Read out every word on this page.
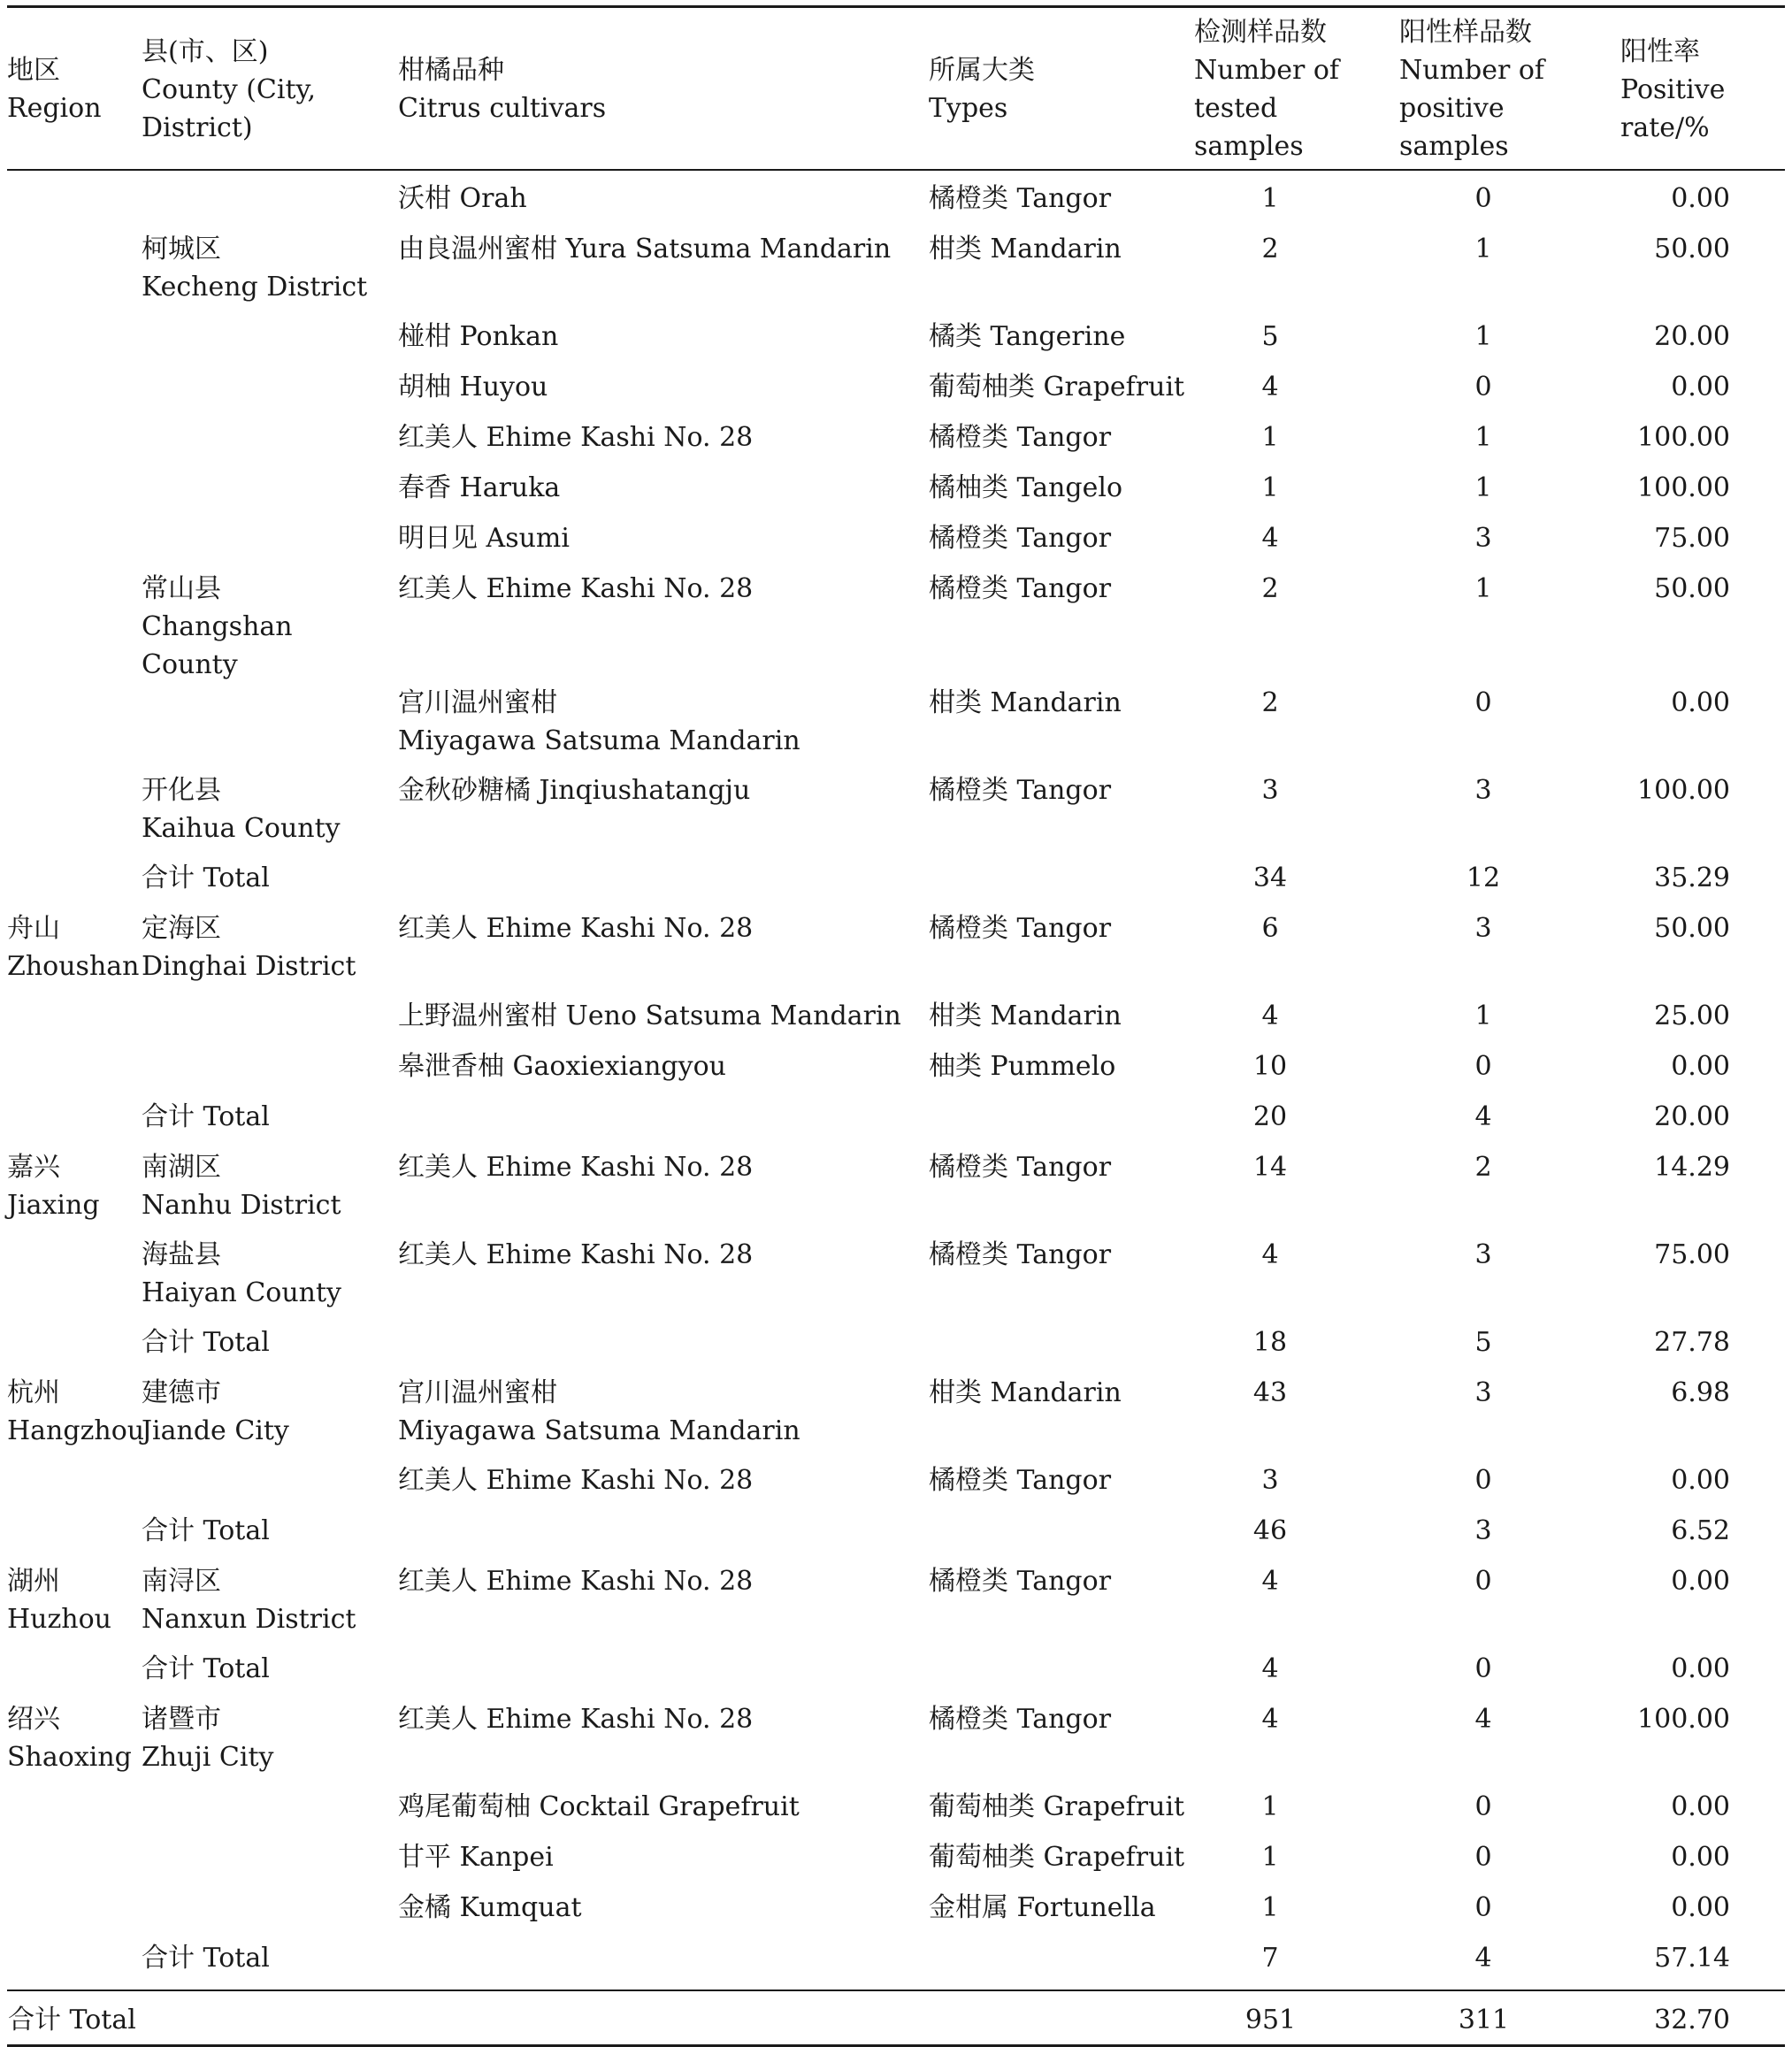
地区
Region	县(市、区)
County (City,
District)	柑橘品种
Citrus cultivars	所属大类
Types	检测样品数
Number of
tested samples	阳性样品数
Number of
positive samples	阳性率
Positive
rate/%

		沃柑 Orah	橘橙类 Tangor	1	0	0.00

	柯城区
Kecheng District	由良温州蜜柑 Yura Satsuma Mandarin	柑类 Mandarin	2	1	50.00

		椪柑 Ponkan	橘类 Tangerine	5	1	20.00

		胡柚 Huyou	葡萄柚类 Grapefruit	4	0	0.00

		红美人 Ehime Kashi No. 28	橘橙类 Tangor	1	1	100.00

		春香 Haruka	橘柚类 Tangelo	1	1	100.00

		明日见 Asumi	橘橙类 Tangor	4	3	75.00

	常山县
Changshan County	红美人 Ehime Kashi No. 28	橘橙类 Tangor	2	1	50.00

		宫川温州蜜柑
Miyagawa Satsuma Mandarin	柑类 Mandarin	2	0	0.00

	开化县
Kaihua County	金秋砂糖橘 Jinqiushatangju	橘橙类 Tangor	3	3	100.00

	合计 Total			34	12	35.29

舟山
Zhoushan	定海区
Dinghai District	红美人 Ehime Kashi No. 28	橘橙类 Tangor	6	3	50.00

		上野温州蜜柑 Ueno Satsuma Mandarin	柑类 Mandarin	4	1	25.00

		皋泄香柚 Gaoxiexiangyou	柚类 Pummelo	10	0	0.00

	合计 Total			20	4	20.00

嘉兴
Jiaxing	南湖区
Nanhu District	红美人 Ehime Kashi No. 28	橘橙类 Tangor	14	2	14.29

	海盐县
Haiyan County	红美人 Ehime Kashi No. 28	橘橙类 Tangor	4	3	75.00

	合计 Total			18	5	27.78

杭州
Hangzhou	建德市
Jiande City	宫川温州蜜柑
Miyagawa Satsuma Mandarin	柑类 Mandarin	43	3	6.98

		红美人 Ehime Kashi No. 28	橘橙类 Tangor	3	0	0.00

	合计 Total			46	3	6.52

湖州
Huzhou	南浔区
Nanxun District	红美人 Ehime Kashi No. 28	橘橙类 Tangor	4	0	0.00

	合计 Total			4	0	0.00

绍兴
Shaoxing	诸暨市
Zhuji City	红美人 Ehime Kashi No. 28	橘橙类 Tangor	4	4	100.00

		鸡尾葡萄柚 Cocktail Grapefruit	葡萄柚类 Grapefruit	1	0	0.00

		甘平 Kanpei	葡萄柚类 Grapefruit	1	0	0.00

		金橘 Kumquat	金柑属 Fortunella	1	0	0.00

	合计 Total			7	4	57.14
合计 Total				951	311	32.70
